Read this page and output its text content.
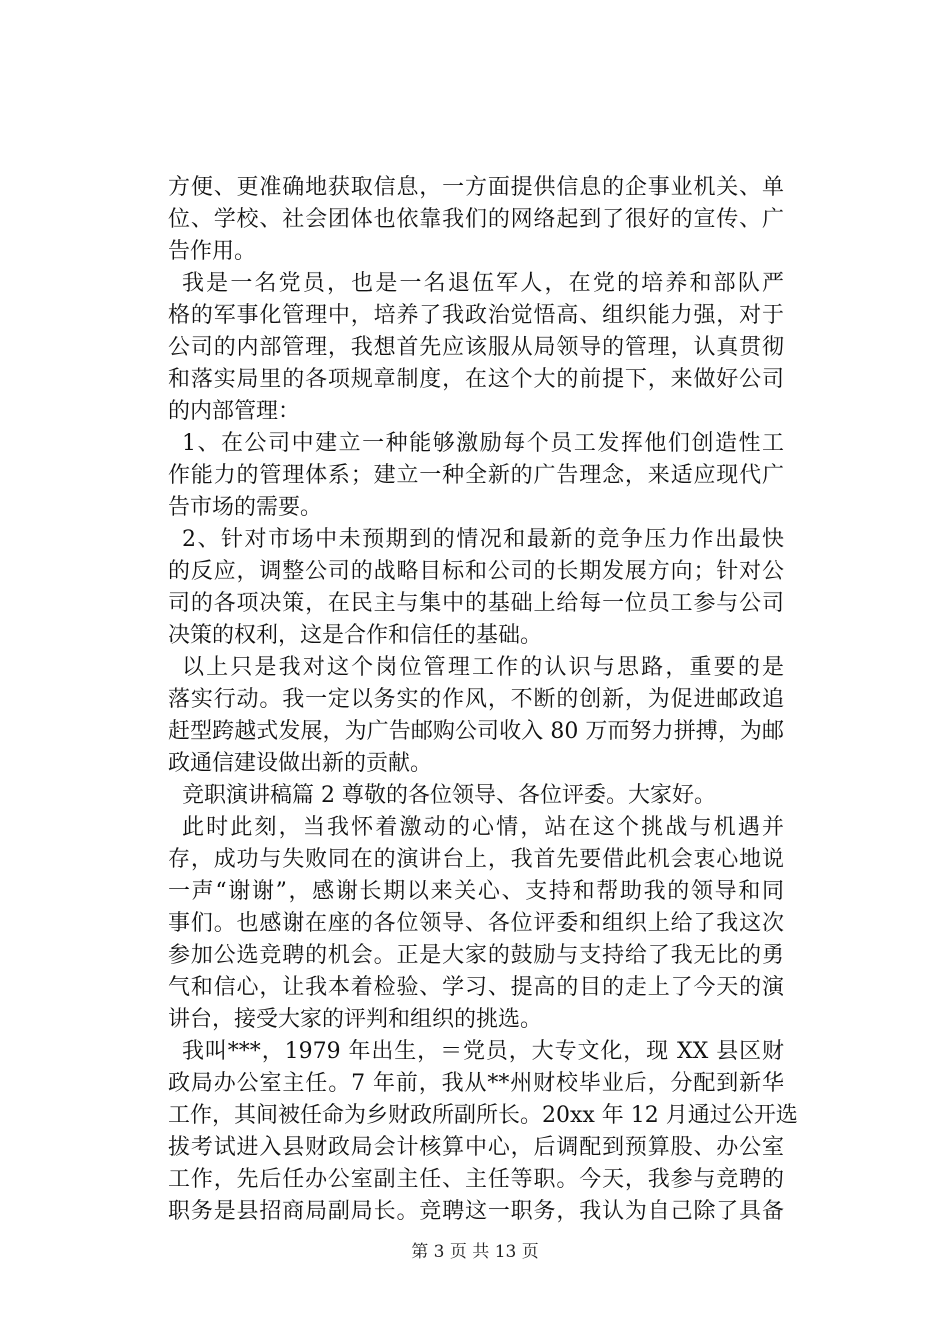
方便、更准确地获取信息，一方面提供信息的企事业机关、单
位、学校、社会团体也依靠我们的网络起到了很好的宣传、广
告作用。
我是一名党员，也是一名退伍军人，在党的培养和部队严
格的军事化管理中，培养了我政治觉悟高、组织能力强，对于
公司的内部管理，我想首先应该服从局领导的管理，认真贯彻
和落实局里的各项规章制度，在这个大的前提下，来做好公司
的内部管理：
1、在公司中建立一种能够激励每个员工发挥他们创造性工
作能力的管理体系；建立一种全新的广告理念，来适应现代广
告市场的需要。
2、针对市场中未预期到的情况和最新的竞争压力作出最快
的反应，调整公司的战略目标和公司的长期发展方向；针对公
司的各项决策，在民主与集中的基础上给每一位员工参与公司
决策的权利，这是合作和信任的基础。
以上只是我对这个岗位管理工作的认识与思路，重要的是
落实行动。我一定以务实的作风，不断的创新，为促进邮政追
赶型跨越式发展，为广告邮购公司收入 80 万而努力拼搏，为邮
政通信建设做出新的贡献。
竞职演讲稿篇 2 尊敬的各位领导、各位评委。大家好。
此时此刻，当我怀着激动的心情，站在这个挑战与机遇并
存，成功与失败同在的演讲台上，我首先要借此机会衷心地说
一声“谢谢”，感谢长期以来关心、支持和帮助我的领导和同
事们。也感谢在座的各位领导、各位评委和组织上给了我这次
参加公选竞聘的机会。正是大家的鼓励与支持给了我无比的勇
气和信心，让我本着检验、学习、提高的目的走上了今天的演
讲台，接受大家的评判和组织的挑选。
我叫***，1979 年出生，＝党员，大专文化，现 XX 县区财
政局办公室主任。7 年前，我从**州财校毕业后，分配到新华
工作，其间被任命为乡财政所副所长。20xx 年 12 月通过公开选
拔考试进入县财政局会计核算中心，后调配到预算股、办公室
工作，先后任办公室副主任、主任等职。今天，我参与竞聘的
职务是县招商局副局长。竞聘这一职务，我认为自己除了具备
第 3 页 共 13 页
